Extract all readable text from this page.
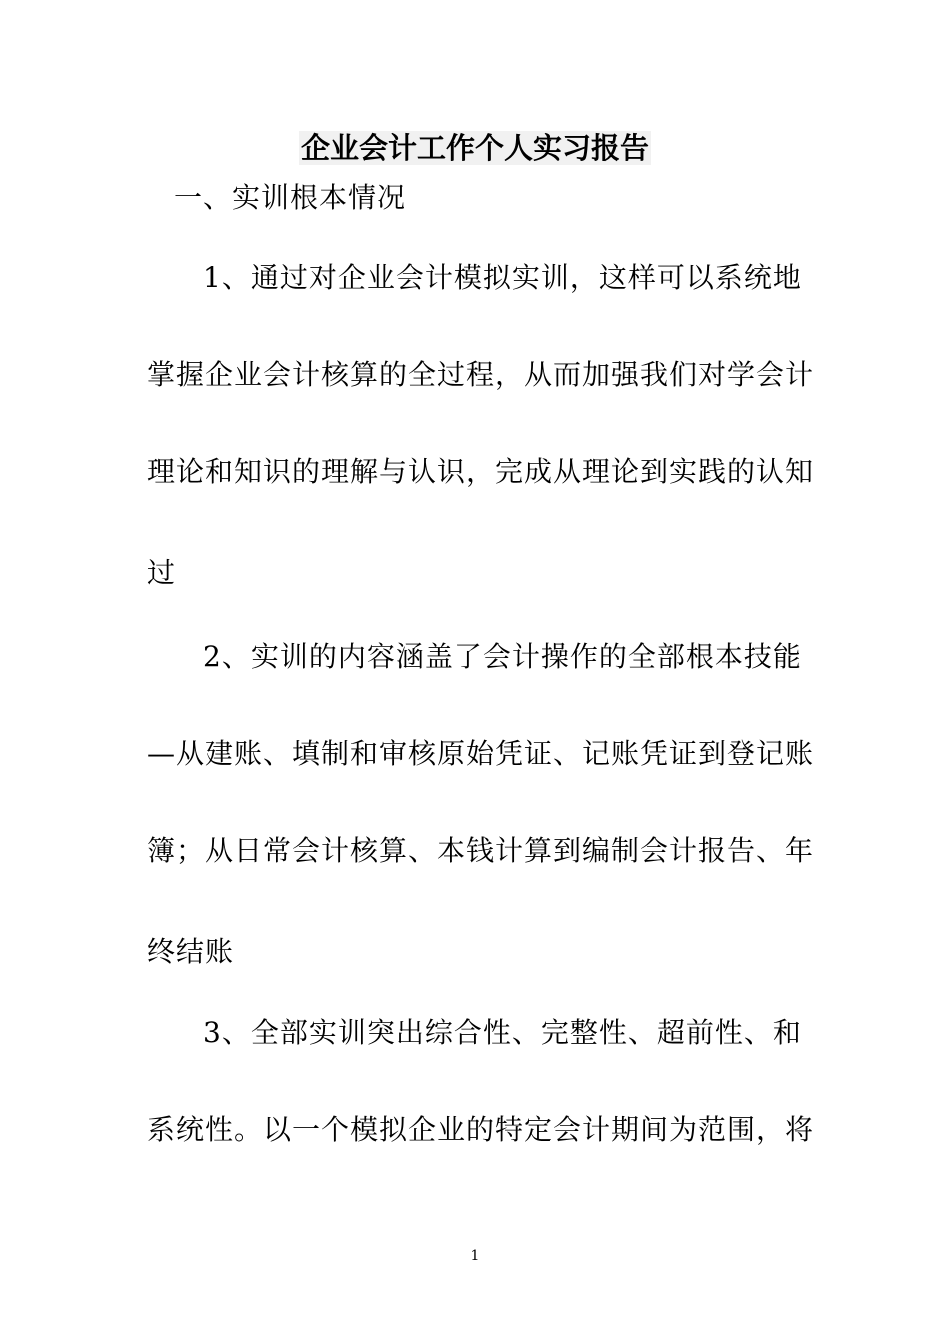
企业会计工作个人实习报告

一、实训根本情况

1、通过对企业会计模拟实训，这样可以系统地

掌握企业会计核算的全过程，从而加强我们对学会计

理论和知识的理解与认识，完成从理论到实践的认知

过

2、实训的内容涵盖了会计操作的全部根本技能

—从建账、填制和审核原始凭证、记账凭证到登记账

簿；从日常会计核算、本钱计算到编制会计报告、年

终结账

3、全部实训突出综合性、完整性、超前性、和

系统性。以一个模拟企业的特定会计期间为范围，将

1
